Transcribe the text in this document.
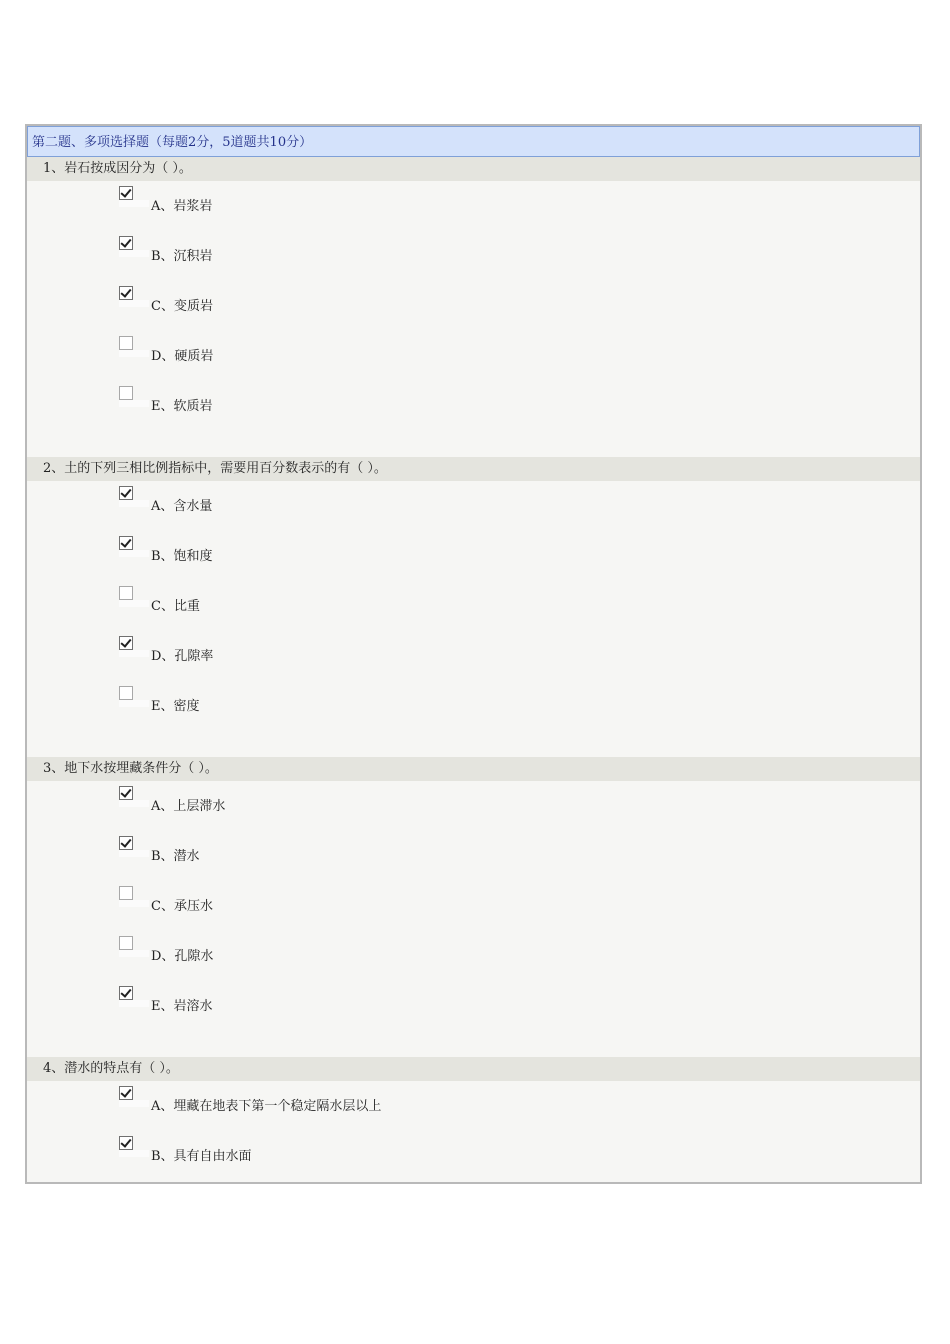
第二题、多项选择题（每题2分，5道题共10分）
1、岩石按成因分为（ ）。
A、岩浆岩
B、沉积岩
C、变质岩
D、硬质岩
E、软质岩
2、土的下列三相比例指标中，需要用百分数表示的有（ ）。
A、含水量
B、饱和度
C、比重
D、孔隙率
E、密度
3、地下水按埋藏条件分（ ）。
A、上层滞水
B、潜水
C、承压水
D、孔隙水
E、岩溶水
4、潜水的特点有（ ）。
A、埋藏在地表下第一个稳定隔水层以上
B、具有自由水面
